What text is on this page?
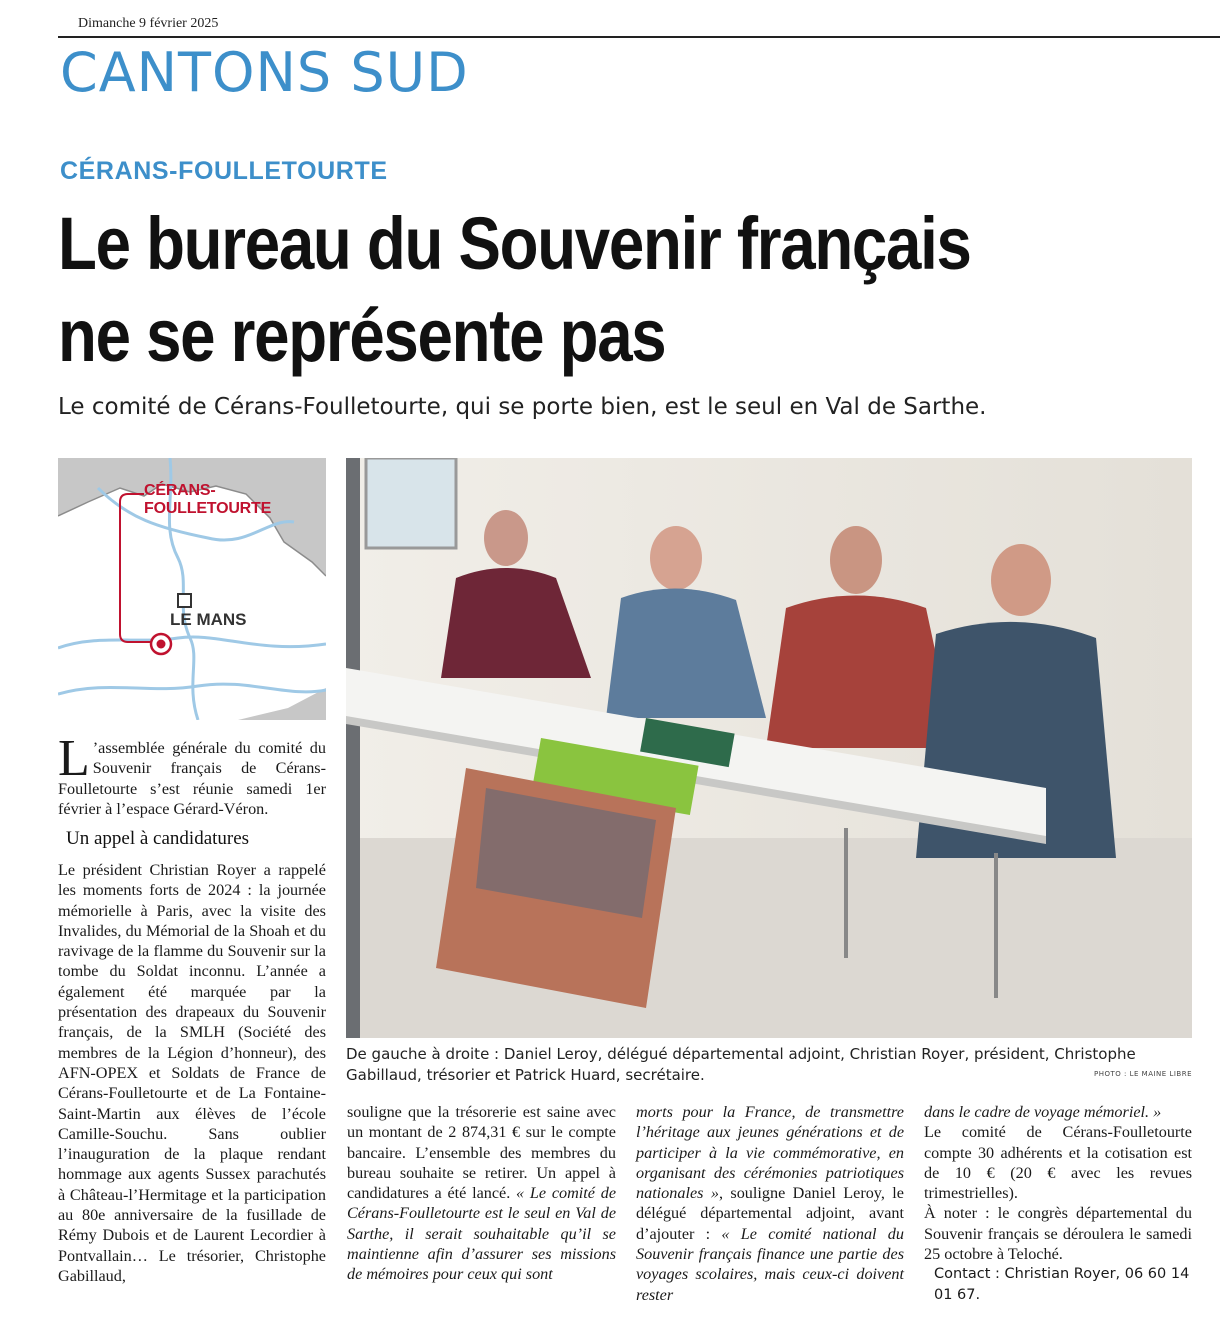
Dimanche 9 février 2025
CANTONS SUD
CÉRANS-FOULLETOURTE
Le bureau du Souvenir français
ne se représente pas
Le comité de Cérans-Foulletourte, qui se porte bien, est le seul en Val de Sarthe.
CÉRANS-
FOULLETOURTE
LE MANS
De gauche à droite : Daniel Leroy, délégué départemental adjoint, Christian Royer, président, Christophe Gabillaud, trésorier et Patrick Huard, secrétaire.	PHOTO : LE MAINE LIBRE
L ’assemblée générale du comité du Souvenir français de Cérans-Foulletourte s’est réunie samedi 1er février à l’espace Gérard-Véron.
Un appel à candidatures
Le président Christian Royer a rappelé les moments forts de 2024 : la journée mémorielle à Paris, avec la visite des Invalides, du Mémorial de la Shoah et du ravivage de la flamme du Souvenir sur la tombe du Soldat inconnu. L’année a également été marquée par la présentation des drapeaux du Souvenir français, de la SMLH (Société des membres de la Légion d’honneur), des AFN-OPEX et Soldats de France de Cérans-Foulletourte et de La Fontaine-Saint-Martin aux élèves de l’école Camille-Souchu. Sans oublier l’inauguration de la plaque rendant hommage aux agents Sussex parachutés à Château-l’Hermitage et la participation au 80e anniversaire de la fusillade de Rémy Dubois et de Laurent Lecordier à Pontvallain… Le trésorier, Christophe Gabillaud,
souligne que la trésorerie est saine avec un montant de 2 874,31 € sur le compte bancaire. L’ensemble des membres du bureau souhaite se retirer. Un appel à candidatures a été lancé. « Le comité de Cérans-Foulletourte est le seul en Val de Sarthe, il serait souhaitable qu’il se maintienne afin d’assurer ses missions de mémoires pour ceux qui sont
morts pour la France, de transmettre l’héritage aux jeunes générations et de participer à la vie commémorative, en organisant des cérémonies patriotiques nationales », souligne Daniel Leroy, le délégué départemental adjoint, avant d’ajouter : « Le comité national du Souvenir français finance une partie des voyages scolaires, mais ceux-ci doivent rester
dans le cadre de voyage mémoriel. »
Le comité de Cérans-Foulletourte compte 30 adhérents et la cotisation est de 10 € (20 € avec les revues trimestrielles).
À noter : le congrès départemental du Souvenir français se déroulera le samedi 25 octobre à Teloché.
Contact : Christian Royer, 06 60 14 01 67.
